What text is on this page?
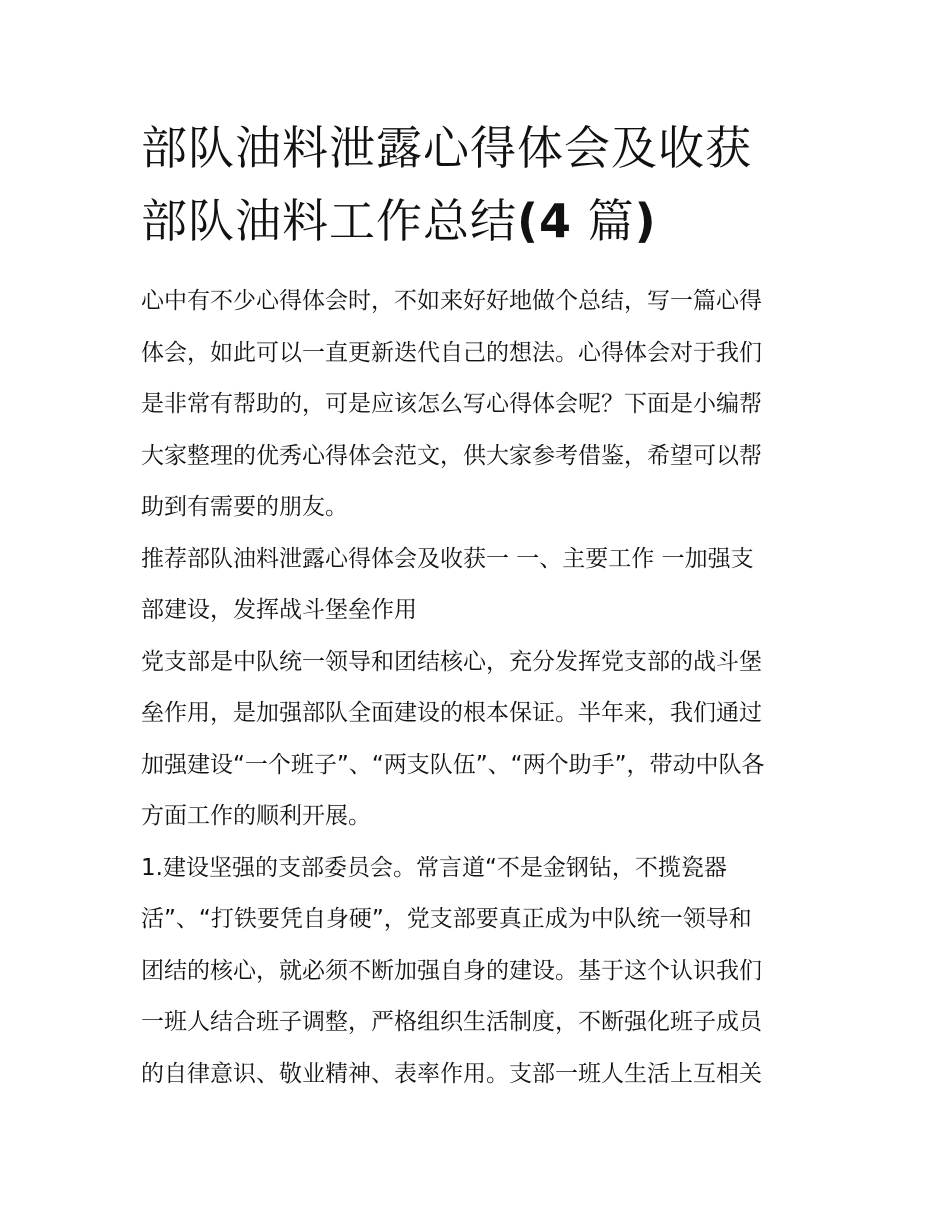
部队油料泄露心得体会及收获
部队油料工作总结(4 篇)

心中有不少心得体会时，不如来好好地做个总结，写一篇心得
体会，如此可以一直更新迭代自己的想法。心得体会对于我们
是非常有帮助的，可是应该怎么写心得体会呢？下面是小编帮
大家整理的优秀心得体会范文，供大家参考借鉴，希望可以帮
助到有需要的朋友。

推荐部队油料泄露心得体会及收获一 一、主要工作 一加强支
部建设，发挥战斗堡垒作用

党支部是中队统一领导和团结核心，充分发挥党支部的战斗堡
垒作用，是加强部队全面建设的根本保证。半年来，我们通过
加强建设“一个班子”、“两支队伍”、“两个助手”，带动中队各
方面工作的顺利开展。

1.建设坚强的支部委员会。常言道“不是金钢钻，不揽瓷器
活”、“打铁要凭自身硬”，党支部要真正成为中队统一领导和
团结的核心，就必须不断加强自身的建设。基于这个认识我们
一班人结合班子调整，严格组织生活制度，不断强化班子成员
的自律意识、敬业精神、表率作用。支部一班人生活上互相关
